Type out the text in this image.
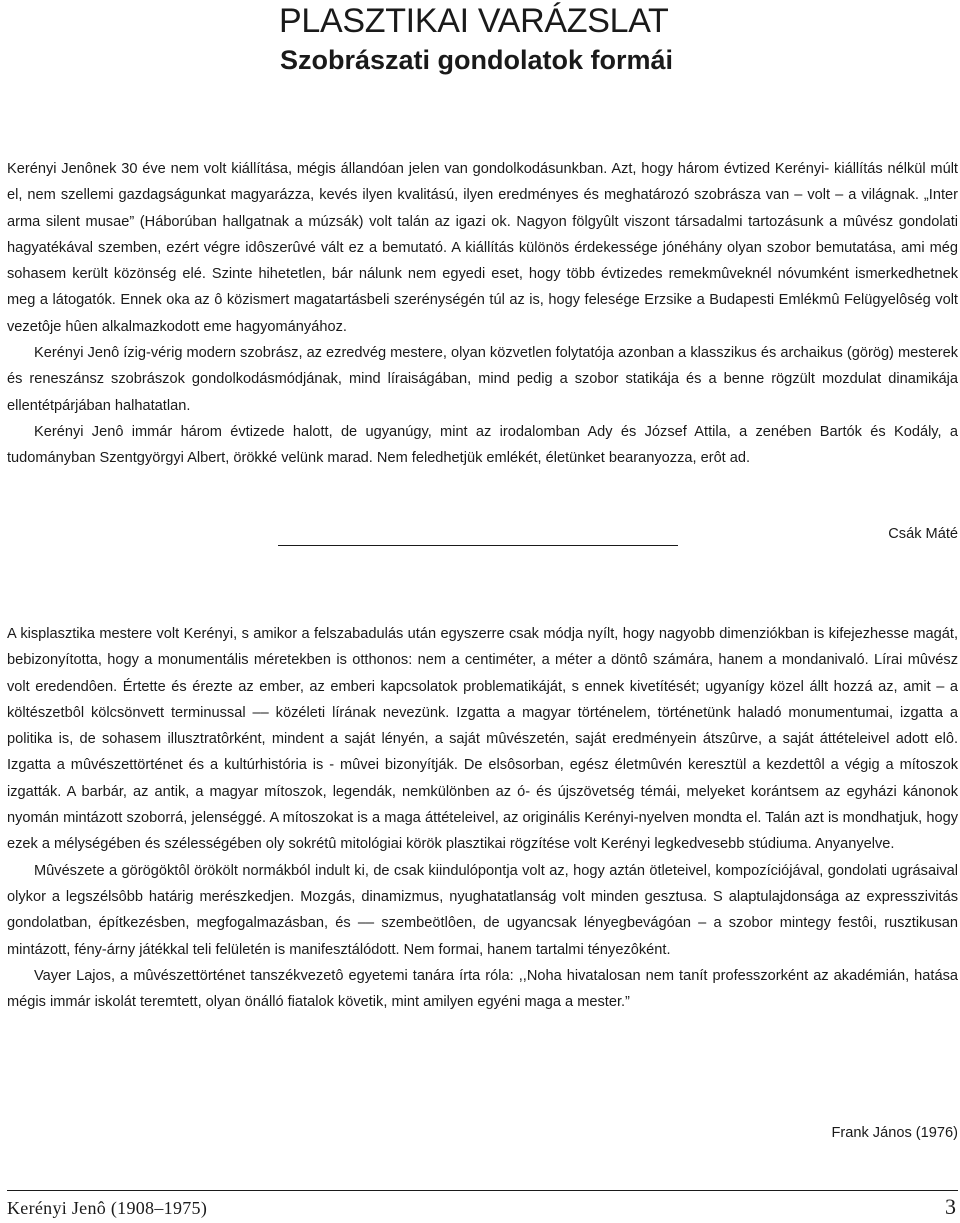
PLASZTIKAI VARÁZSLAT
Szobrászati gondolatok formái

Kerényi Jenônek 30 éve nem volt kiállítása, mégis állandóan jelen van gondolkodásunkban. Azt, hogy három évtized Kerényi- kiállítás nélkül múlt el, nem szellemi gazdagságunkat magyarázza, kevés ilyen kvalitású, ilyen eredményes és meghatározó szobrásza van – volt – a világnak. „Inter arma silent musae” (Háborúban hallgatnak a múzsák) volt talán az igazi ok. Nagyon fölgyûlt viszont társadalmi tartozásunk a mûvész gondolati hagyatékával szemben, ezért végre idôszerûvé vált ez a bemutató. A kiállítás különös érdekessége jónéhány olyan szobor bemutatása, ami még sohasem került közönség elé. Szinte hihetetlen, bár nálunk nem egyedi eset, hogy több évtizedes remekmûveknél nóvumként ismerkedhetnek meg a látogatók. Ennek oka az ô közismert magatartásbeli szerénységén túl az is, hogy felesége Erzsike a Budapesti Emlékmû Felügyelôség volt vezetôje hûen alkalmazkodott eme hagyományához.

Kerényi Jenô ízig-vérig modern szobrász, az ezredvég mestere, olyan közvetlen folytatója azonban a klasszikus és archaikus (görög) mesterek és reneszánsz szobrászok gondolkodásmódjának, mind líraiságában, mind pedig a szobor statikája és a benne rögzült mozdulat dinamikája ellentétpárjában halhatatlan.

Kerényi Jenô immár három évtizede halott, de ugyanúgy, mint az irodalomban Ady és József Attila, a zenében Bartók és Kodály, a tudományban Szentgyörgyi Albert, örökké velünk marad. Nem feledhetjük emlékét, életünket bearanyozza, erôt ad.

Csák Máté

A kisplasztika mestere volt Kerényi, s amikor a felszabadulás után egyszerre csak módja nyílt, hogy nagyobb dimenziókban is kifejezhesse magát, bebizonyította, hogy a monumentális méretekben is otthonos: nem a centiméter, a méter a döntô számára, hanem a mondanivaló. Lírai mûvész volt eredendôen. Értette és érezte az ember, az emberi kapcsolatok problematikáját, s ennek kivetítését; ugyanígy közel állt hozzá az, amit – a költészetbôl kölcsönvett terminussal –– közéleti lírának nevezünk. Izgatta a magyar történelem, történetünk haladó monumentumai, izgatta a politika is, de sohasem illusztratôrként, mindent a saját lényén, a saját mûvészetén, saját eredményein átszûrve, a saját áttételeivel adott elô. Izgatta a mûvészettörténet és a kultúrhistória is - mûvei bizonyítják. De elsôsorban, egész életmûvén keresztül a kezdettôl a végig a mítoszok izgatták. A barbár, az antik, a magyar mítoszok, legendák, nemkülönben az ó- és újszövetség témái, melyeket korántsem az egyházi kánonok nyomán mintázott szoborrá, jelenséggé. A mítoszokat is a maga áttételeivel, az originális Kerényi-nyelven mondta el. Talán azt is mondhatjuk, hogy ezek a mélységében és szélességében oly sokrétû mitológiai körök plasztikai rögzítése volt Kerényi legkedvesebb stúdiuma. Anyanyelve.

Mûvészete a görögöktôl örökölt normákból indult ki, de csak kiindulópontja volt az, hogy aztán ötleteivel, kompozíciójával, gondolati ugrásaival olykor a legszélsôbb határig merészkedjen. Mozgás, dinamizmus, nyughatatlanság volt minden gesztusa. S alaptulajdonsága az expresszivitás gondolatban, építkezésben, megfogalmazásban, és –– szembeötlôen, de ugyancsak lényegbevágóan – a szobor mintegy festôi, rusztikusan mintázott, fény-árny játékkal teli felületén is manifesztálódott. Nem formai, hanem tartalmi tényezôként.

Vayer Lajos, a mûvészettörténet tanszékvezetô egyetemi tanára írta róla: ,,Noha hivatalosan nem tanít professzorként az akadémián, hatása mégis immár iskolát teremtett, olyan önálló fiatalok követik, mint amilyen egyéni maga a mester.”

Frank János (1976)
Kerényi Jenô (1908–1975)	3
